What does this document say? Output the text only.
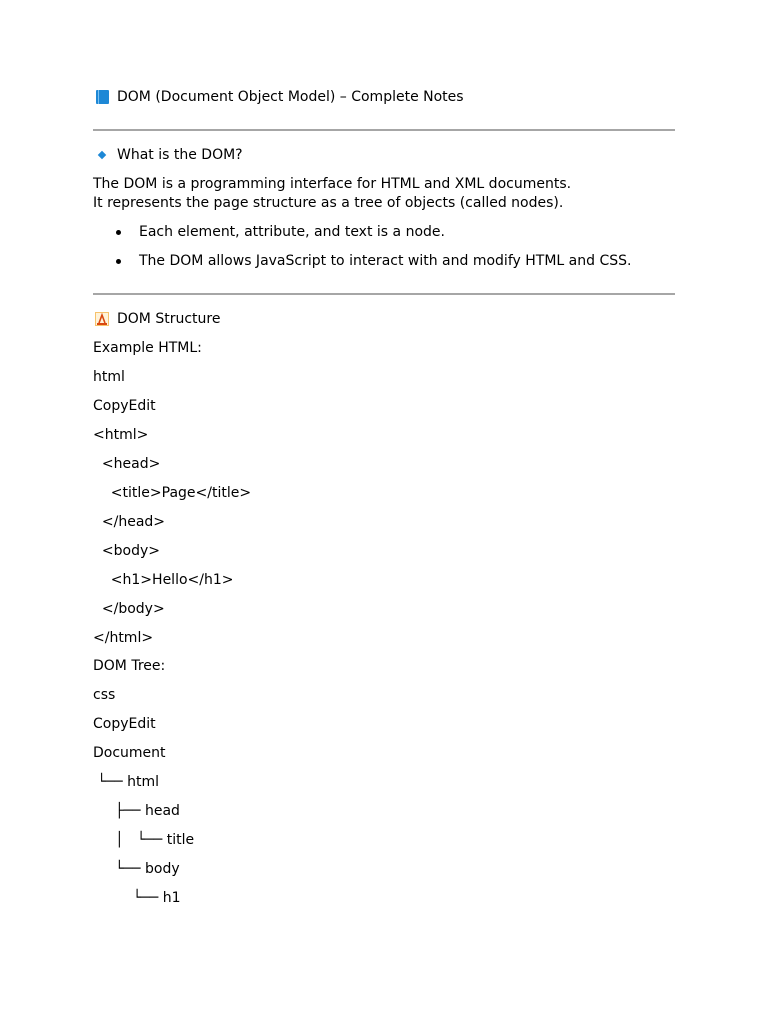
DOM (Document Object Model) – Complete Notes
What is the DOM?
The DOM is a programming interface for HTML and XML documents.
It represents the page structure as a tree of objects (called nodes).
Each element, attribute, and text is a node.
The DOM allows JavaScript to interact with and modify HTML and CSS.
DOM Structure
Example HTML:
html
CopyEdit
<html>
<head>
<title>Page</title>
</head>
<body>
<h1>Hello</h1>
</body>
</html>
DOM Tree:
css
CopyEdit
Document
└── html
├── head
│   └── title
└── body
└── h1
